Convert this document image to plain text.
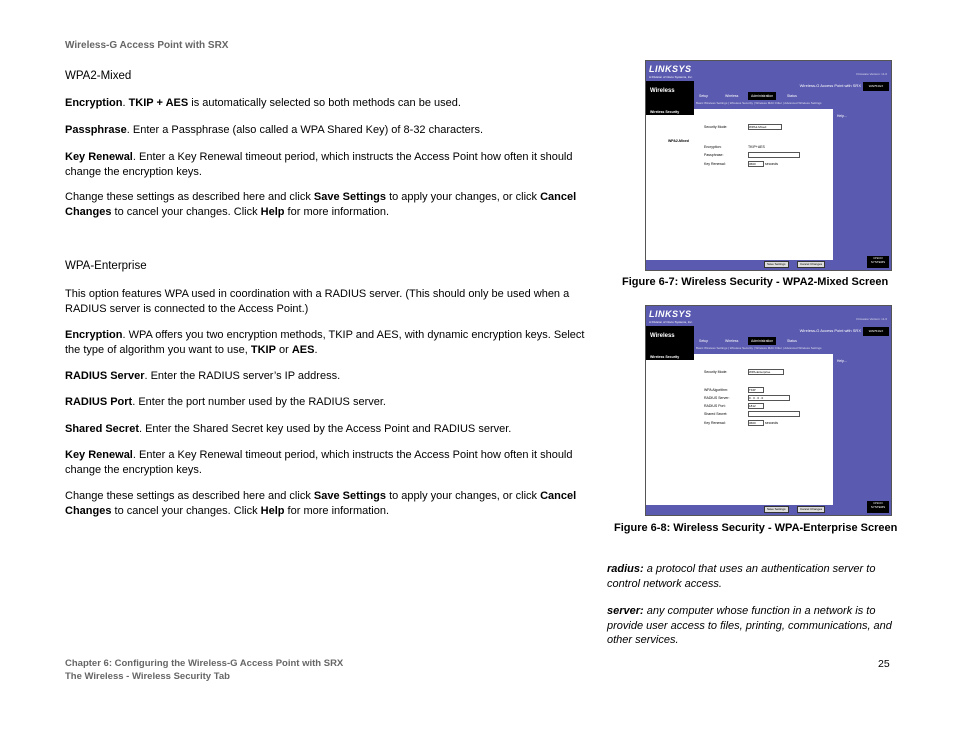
Wireless-G Access Point with SRX
WPA2-Mixed
Encryption. TKIP + AES is automatically selected so both methods can be used.
Passphrase. Enter a Passphrase (also called a WPA Shared Key) of 8-32 characters.
Key Renewal. Enter a Key Renewal timeout period, which instructs the Access Point how often it should change the encryption keys.
Change these settings as described here and click Save Settings to apply your changes, or click Cancel Changes to cancel your changes. Click Help for more information.
WPA-Enterprise
This option features WPA used in coordination with a RADIUS server. (This should only be used when a RADIUS server is connected to the Access Point.)
Encryption. WPA offers you two encryption methods, TKIP and AES, with dynamic encryption keys. Select the type of algorithm you want to use, TKIP or AES.
RADIUS Server. Enter the RADIUS server’s IP address.
RADIUS Port. Enter the port number used by the RADIUS server.
Shared Secret. Enter the Shared Secret key used by the Access Point and RADIUS server.
Key Renewal. Enter a Key Renewal timeout period, which instructs the Access Point how often it should change the encryption keys.
Change these settings as described here and click Save Settings to apply your changes, or click Cancel Changes to cancel your changes. Click Help for more information.
LINKSYS
A Division of Cisco Systems, Inc.
Firmware Version: v1.0
Wireless
Wireless-G Access Point with SRX	WAP54GX
Setup	Wireless	Administration	Status
Basic Wireless Settings | Wireless Security | Wireless MAC Filter | Advanced Wireless Settings
Wireless Security
WPA2-Mixed
Help...
Security Mode:	WPA2-Mixed
Encryption:	TKIP+AES
Passphrase:
Key Renewal:	3600	seconds
Save Settings	Cancel Changes
CISCO SYSTEMS
Figure 6-7: Wireless Security - WPA2-Mixed Screen
LINKSYS
A Division of Cisco Systems, Inc.
Firmware Version: v1.0
Wireless
Wireless-G Access Point with SRX	WAP54GX
Setup	Wireless	Administration	Status
Basic Wireless Settings | Wireless Security | Wireless MAC Filter | Advanced Wireless Settings
Wireless Security
Help...
Security Mode:	WPA-Enterprise
WPA Algorithm:	TKIP
RADIUS Server:	0 . 0 . 0 . 0
RADIUS Port:	1812
Shared Secret:
Key Renewal:	3600	seconds
Save Settings	Cancel Changes
CISCO SYSTEMS
Figure 6-8: Wireless Security - WPA-Enterprise Screen
radius: a protocol that uses an authentication server to control network access.
server: any computer whose function in a network is to provide user access to files, printing, communications, and other services.
Chapter 6: Configuring the Wireless-G Access Point with SRX
The Wireless - Wireless Security Tab
25
